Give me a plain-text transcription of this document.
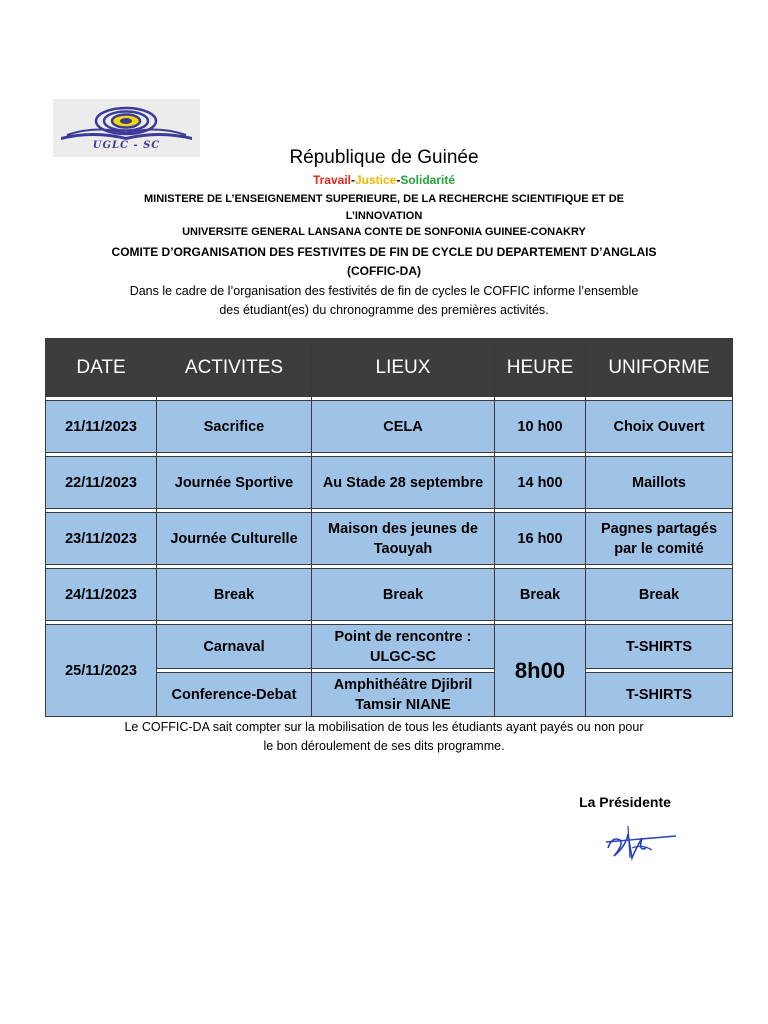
UGLC - SC
République de Guinée
Travail-Justice-Solidarité
MINISTERE DE L’ENSEIGNEMENT SUPERIEURE, DE LA RECHERCHE SCIENTIFIQUE ET DE
L’INNOVATION
UNIVERSITE GENERAL LANSANA CONTE DE SONFONIA GUINEE-CONAKRY
COMITE D’ORGANISATION DES FESTIVITES DE FIN DE CYCLE DU DEPARTEMENT D’ANGLAIS
(COFFIC-DA)
Dans le cadre de l’organisation des festivités de fin de cycles le COFFIC informe l’ensemble
des étudiant(es) du chronogramme des premières activités.
DATE	ACTIVITES	LIEUX	HEURE	UNIFORME

21/11/2023	Sacrifice	CELA	10 h00	Choix Ouvert

22/11/2023	Journée Sportive	Au Stade 28 septembre	14 h00	Maillots

23/11/2023	Journée Culturelle	Maison des jeunes de Taouyah	16 h00	Pagnes partagés par le comité

24/11/2023	Break	Break	Break	Break

25/11/2023	Carnaval	Point de rencontre : ULGC-SC	8h00	T-SHIRTS

	Conference-Debat	Amphithéâtre Djibril Tamsir NIANE		T-SHIRTS
Le COFFIC-DA sait compter sur la mobilisation de tous les étudiants ayant payés ou non pour
le bon déroulement de ses dits programme.
La Présidente
